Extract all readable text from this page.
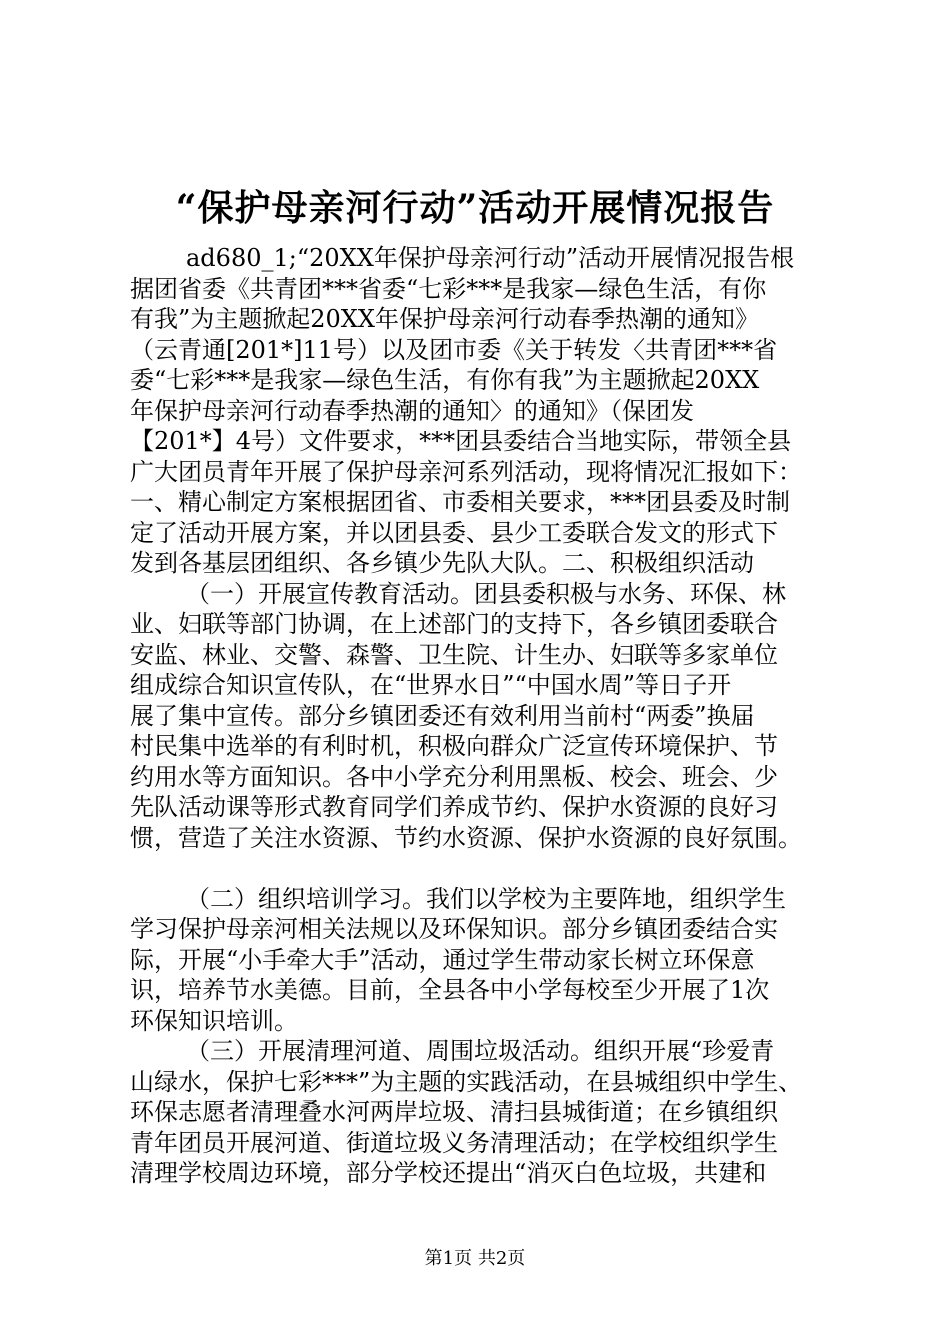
“保护母亲河行动”活动开展情况报告
ad680_1;“20XX年保护母亲河行动”活动开展情况报告根
据团省委《共青团***省委“七彩***是我家—绿色生活，有你
有我”为主题掀起20XX年保护母亲河行动春季热潮的通知》
（云青通[201*]11号）以及团市委《关于转发〈共青团***省
委“七彩***是我家—绿色生活，有你有我”为主题掀起20XX
年保护母亲河行动春季热潮的通知〉的通知》（保团发
【201*】4号）文件要求，***团县委结合当地实际，带领全县
广大团员青年开展了保护母亲河系列活动，现将情况汇报如下：
一、精心制定方案根据团省、市委相关要求，***团县委及时制
定了活动开展方案，并以团县委、县少工委联合发文的形式下
发到各基层团组织、各乡镇少先队大队。二、积极组织活动
（一）开展宣传教育活动。团县委积极与水务、环保、林
业、妇联等部门协调，在上述部门的支持下，各乡镇团委联合
安监、林业、交警、森警、卫生院、计生办、妇联等多家单位
组成综合知识宣传队，在“世界水日”“中国水周”等日子开
展了集中宣传。部分乡镇团委还有效利用当前村“两委”换届
村民集中选举的有利时机，积极向群众广泛宣传环境保护、节
约用水等方面知识。各中小学充分利用黑板、校会、班会、少
先队活动课等形式教育同学们养成节约、保护水资源的良好习
惯，营造了关注水资源、节约水资源、保护水资源的良好氛围。
（二）组织培训学习。我们以学校为主要阵地，组织学生
学习保护母亲河相关法规以及环保知识。部分乡镇团委结合实
际，开展“小手牵大手”活动，通过学生带动家长树立环保意
识，培养节水美德。目前，全县各中小学每校至少开展了1次
环保知识培训。
（三）开展清理河道、周围垃圾活动。组织开展“珍爱青
山绿水，保护七彩***”为主题的实践活动，在县城组织中学生、
环保志愿者清理叠水河两岸垃圾、清扫县城街道；在乡镇组织
青年团员开展河道、街道垃圾义务清理活动；在学校组织学生
清理学校周边环境，部分学校还提出“消灭白色垃圾，共建和
第1页 共2页
